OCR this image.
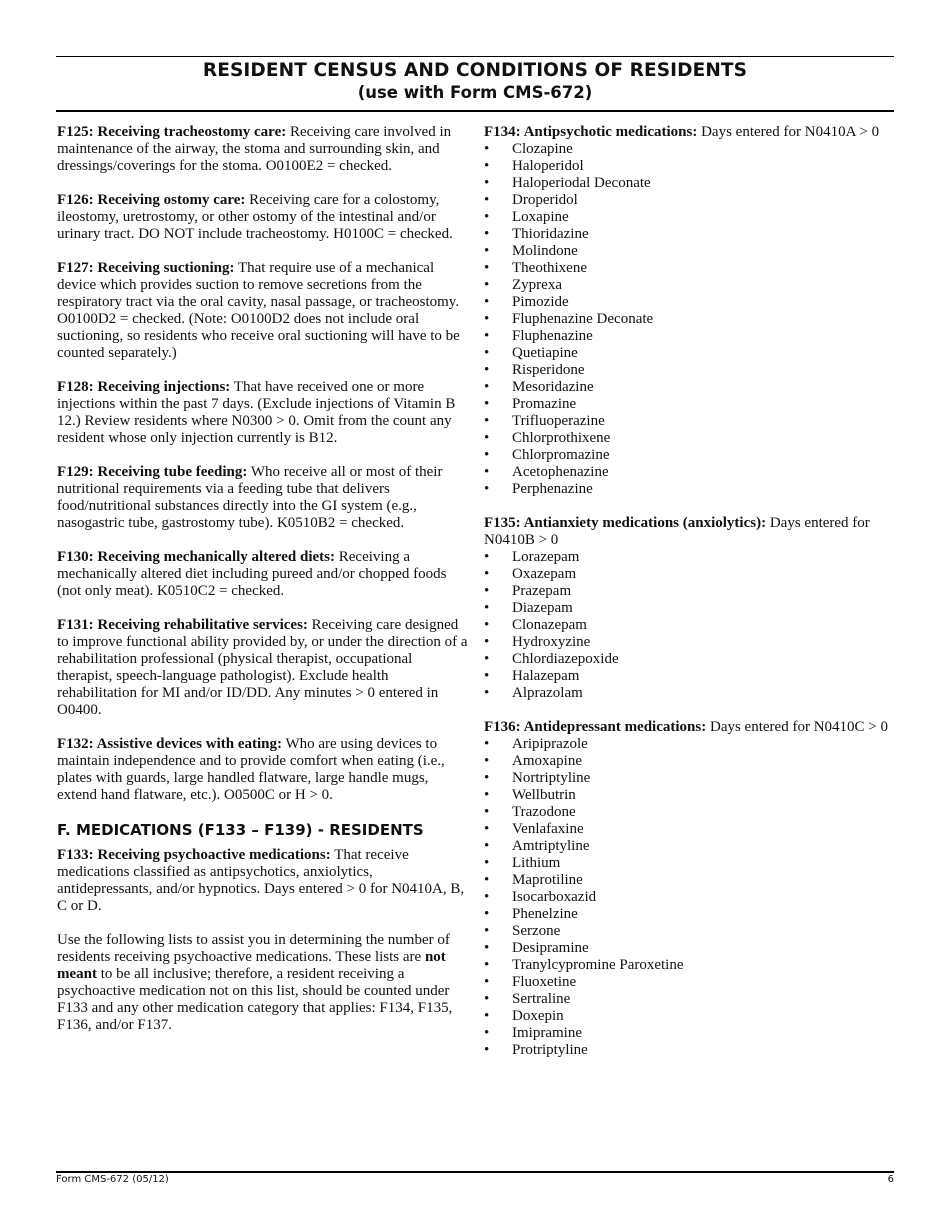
RESIDENT CENSUS AND CONDITIONS OF RESIDENTS
(use with Form CMS-672)

F125: Receiving tracheostomy care: Receiving care involved in maintenance of the airway, the stoma and surrounding skin, and dressings/coverings for the stoma. O0100E2 = checked.

F126: Receiving ostomy care: Receiving care for a colostomy, ileostomy, uretrostomy, or other ostomy of the intestinal and/or urinary tract. DO NOT include tracheostomy. H0100C = checked.

F127: Receiving suctioning: That require use of a mechanical device which provides suction to remove secretions from the respiratory tract via the oral cavity, nasal passage, or tracheostomy. O0100D2 = checked. (Note: O0100D2 does not include oral suctioning, so residents who receive oral suctioning will have to be counted separately.)

F128: Receiving injections: That have received one or more injections within the past 7 days. (Exclude injections of Vitamin B 12.) Review residents where N0300 > 0. Omit from the count any resident whose only injection currently is B12.

F129: Receiving tube feeding: Who receive all or most of their nutritional requirements via a feeding tube that delivers food/nutritional substances directly into the GI system (e.g., nasogastric tube, gastrostomy tube). K0510B2 = checked.

F130: Receiving mechanically altered diets: Receiving a mechanically altered diet including pureed and/or chopped foods (not only meat). K0510C2 = checked.

F131: Receiving rehabilitative services: Receiving care designed to improve functional ability provided by, or under the direction of a rehabilitation professional (physical therapist, occupational therapist, speech-language pathologist). Exclude health rehabilitation for MI and/or ID/DD. Any minutes > 0 entered in O0400.

F132: Assistive devices with eating: Who are using devices to maintain independence and to provide comfort when eating (i.e., plates with guards, large handled flatware, large handle mugs, extend hand flatware, etc.). O0500C or H > 0.

F. MEDICATIONS (F133 – F139) - RESIDENTS

F133: Receiving psychoactive medications: That receive medications classified as antipsychotics, anxiolytics, antidepressants, and/or hypnotics. Days entered > 0 for N0410A, B, C or D.

Use the following lists to assist you in determining the number of residents receiving psychoactive medications. These lists are not meant to be all inclusive; therefore, a resident receiving a psychoactive medication not on this list, should be counted under F133 and any other medication category that applies: F134, F135, F136, and/or F137.

F134: Antipsychotic medications: Days entered for N0410A > 0
•	Clozapine
•	Haloperidol
•	Haloperiodal Deconate
•	Droperidol
•	Loxapine
•	Thioridazine
•	Molindone
•	Theothixene
•	Zyprexa
•	Pimozide
•	Fluphenazine Deconate
•	Fluphenazine
•	Quetiapine
•	Risperidone
•	Mesoridazine
•	Promazine
•	Trifluoperazine
•	Chlorprothixene
•	Chlorpromazine
•	Acetophenazine
•	Perphenazine
F135: Antianxiety medications (anxiolytics): Days entered for N0410B > 0
•	Lorazepam
•	Oxazepam
•	Prazepam
•	Diazepam
•	Clonazepam
•	Hydroxyzine
•	Chlordiazepoxide
•	Halazepam
•	Alprazolam
F136: Antidepressant medications: Days entered for N0410C > 0
•	Aripiprazole
•	Amoxapine
•	Nortriptyline
•	Wellbutrin
•	Trazodone
•	Venlafaxine
•	Amtriptyline
•	Lithium
•	Maprotiline
•	Isocarboxazid
•	Phenelzine
•	Serzone
•	Desipramine
•	Tranylcypromine Paroxetine
•	Fluoxetine
•	Sertraline
•	Doxepin
•	Imipramine
•	Protriptyline
Form CMS-672 (05/12)	6
